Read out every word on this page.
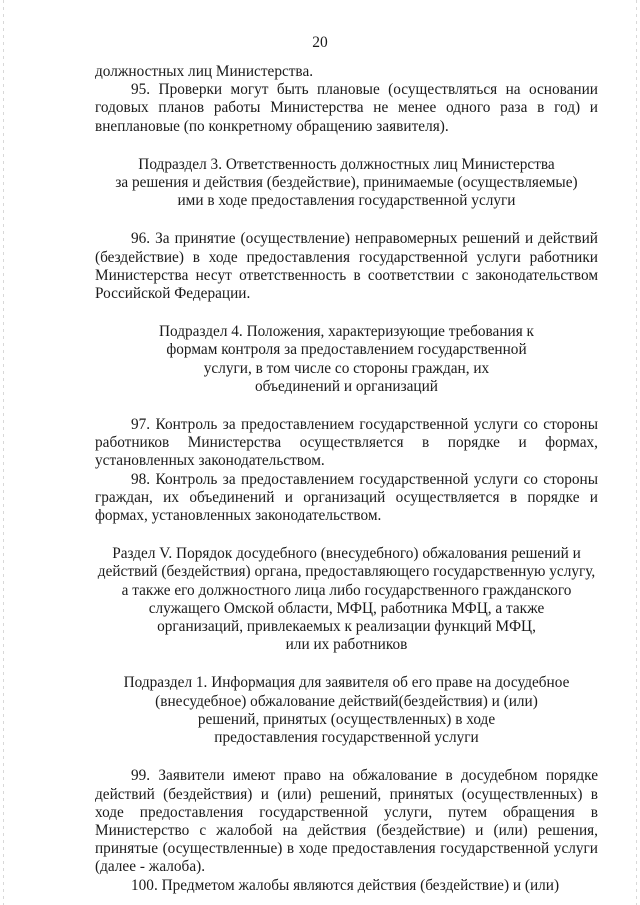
20

должностных лиц Министерства.

95. Проверки могут быть плановые (осуществляться на основании годовых планов работы Министерства не менее одного раза в год) и внеплановые (по конкретному обращению заявителя).

Подраздел 3. Ответственность должностных лиц Министерства

за решения и действия (бездействие), принимаемые (осуществляемые)

ими в ходе предоставления государственной услуги

96. За принятие (осуществление) неправомерных решений и действий (бездействие) в ходе предоставления государственной услуги работники Министерства несут ответственность в соответствии с законодательством Российской Федерации.

Подраздел 4. Положения, характеризующие требования к

формам контроля за предоставлением государственной

услуги, в том числе со стороны граждан, их

объединений и организаций

97. Контроль за предоставлением государственной услуги со стороны работников Министерства осуществляется в порядке и формах, установленных законодательством.

98. Контроль за предоставлением государственной услуги со стороны граждан, их объединений и организаций осуществляется в порядке и формах, установленных законодательством.

Раздел V. Порядок досудебного (внесудебного) обжалования решений и

действий (бездействия) органа, предоставляющего государственную услугу,

а также его должностного лица либо государственного гражданского

служащего Омской области, МФЦ, работника МФЦ, а также

организаций, привлекаемых к реализации функций МФЦ,

или их работников

Подраздел 1. Информация для заявителя об его праве на досудебное

(внесудебное) обжалование действий(бездействия) и (или)

решений, принятых (осуществленных) в ходе

предоставления государственной услуги

99. Заявители имеют право на обжалование в досудебном порядке действий (бездействия) и (или) решений, принятых (осуществленных) в ходе предоставления государственной услуги, путем обращения в Министерство с жалобой на действия (бездействие) и (или) решения, принятые (осуществленные) в ходе предоставления государственной услуги (далее - жалоба).

100. Предметом жалобы являются действия (бездействие) и (или)
